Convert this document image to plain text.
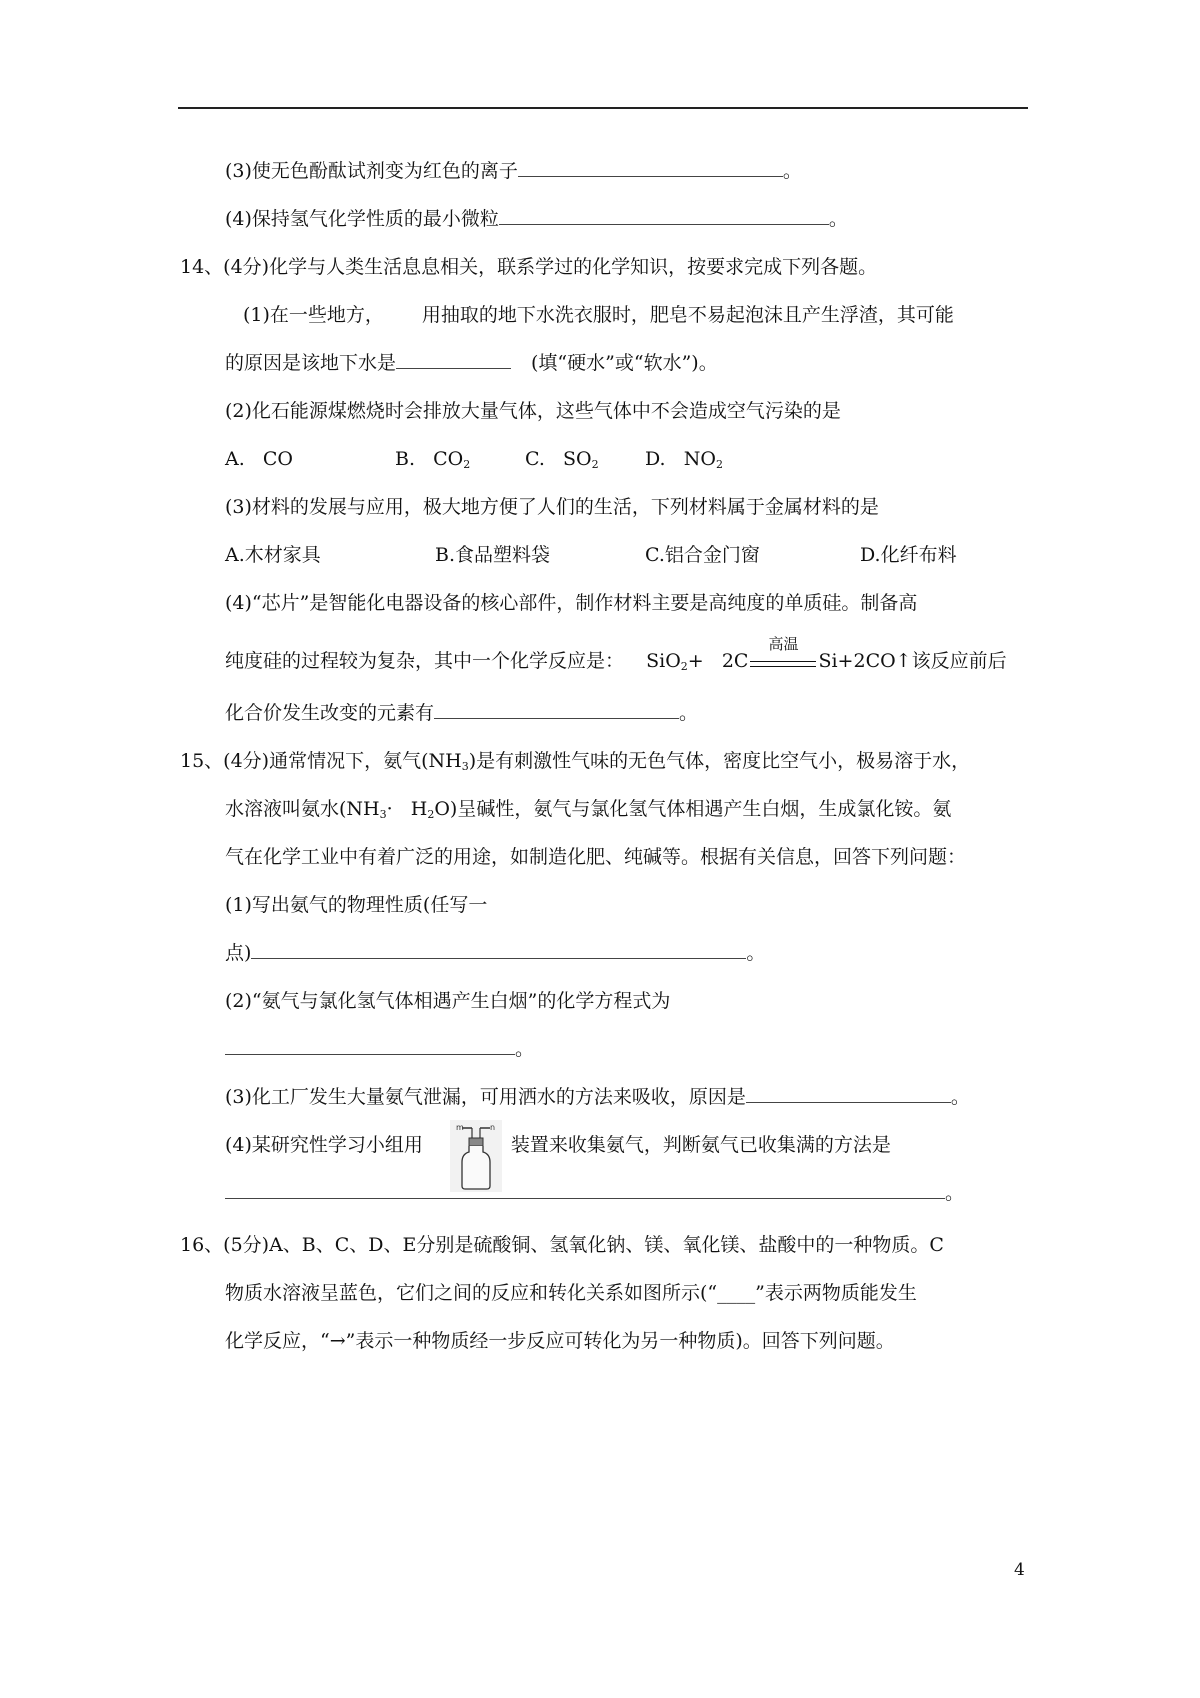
(3)使无色酚酞试剂变为红色的离子	。
(4)保持氢气化学性质的最小微粒	。
14、(4分)化学与人类生活息息相关，联系学过的化学知识，按要求完成下列各题。
(1)在一些地方， 用抽取的地下水洗衣服时，肥皂不易起泡沫且产生浮渣，其可能
的原因是该地下水是	(填“硬水”或“软水”)。
(2)化石能源煤燃烧时会排放大量气体，这些气体中不会造成空气污染的是
A. CO	B. $CO_2$	C. $SO_2$ D. $NO_2$
(3)材料的发展与应用，极大地方便了人们的生活，下列材料属于金属材料的是
A.木材家具	B.食品塑料袋	C.铝合金门窗	D.化纤布料
(4)“芯片”是智能化电器设备的核心部件，制作材料主要是高纯度的单质硅。制备高
纯度硅的过程较为复杂，其中一个化学反应是： SiO$_2$+ 2C
高温
Si+2CO↑该反应前后
化合价发生改变的元素有	。
15、(4分)通常情况下，氨气$(NH_3)$是有刺激性气味的无色气体，密度比空气小，极易溶于水，
水溶液叫氨水$(NH_3\cdot H_2O)$呈碱性，氨气与氯化氢气体相遇产生白烟，生成氯化铵。氨
气在化学工业中有着广泛的用途，如制造化肥、纯碱等。根据有关信息，回答下列问题：
(1)写出氨气的物理性质(任写一
点)	。
(2)“氨气与氯化氢气体相遇产生白烟”的化学方程式为
。
(3)化工厂发生大量氨气泄漏，可用洒水的方法来吸收，原因是	。
m	n
(4)某研究性学习小组用	装置来收集氨气，判断氨气已收集满的方法是
。
16、(5分)A、B、C、D、E分别是硫酸铜、氢氧化钠、镁、氧化镁、盐酸中的一种物质。C
物质水溶液呈蓝色，它们之间的反应和转化关系如图所示(“____”表示两物质能发生
化学反应，“→”表示一种物质经一步反应可转化为另一种物质)。回答下列问题。
4
